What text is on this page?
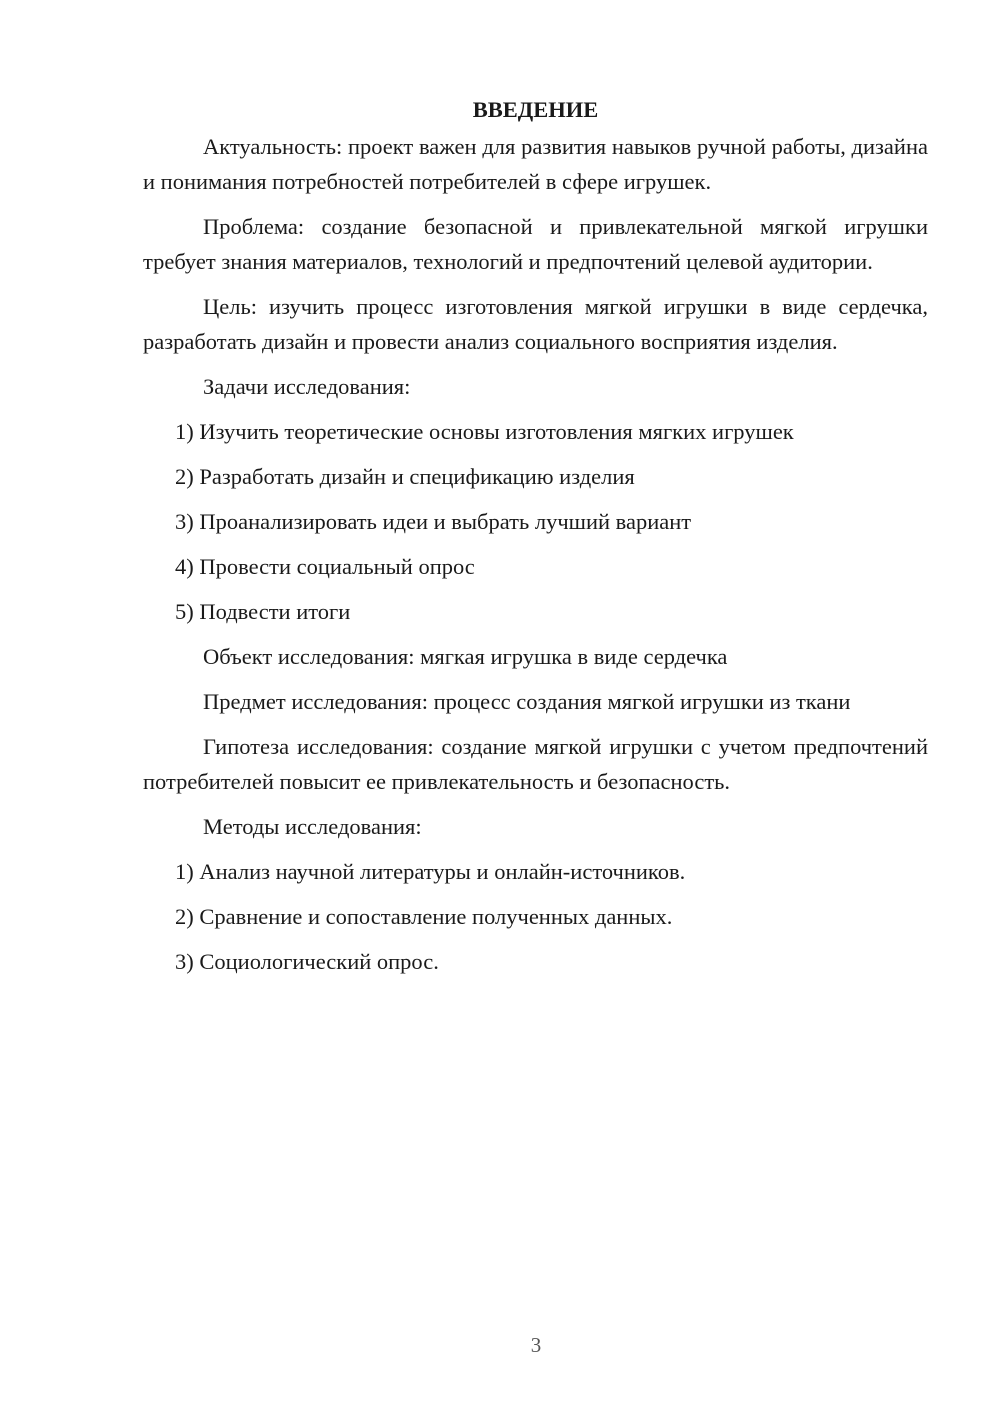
ВВЕДЕНИЕ

Актуальность: проект важен для развития навыков ручной работы, дизайна и понимания потребностей потребителей в сфере игрушек.

Проблема: создание безопасной и привлекательной мягкой игрушки требует знания материалов, технологий и предпочтений целевой аудитории.

Цель: изучить процесс изготовления мягкой игрушки в виде сердечка, разработать дизайн и провести анализ социального восприятия изделия.

Задачи исследования:
1) Изучить теоретические основы изготовления мягких игрушек
2) Разработать дизайн и спецификацию изделия
3) Проанализировать идеи и выбрать лучший вариант
4) Провести социальный опрос
5) Подвести итоги
Объект исследования: мягкая игрушка в виде сердечка
Предмет исследования: процесс создания мягкой игрушки из ткани

Гипотеза исследования: создание мягкой игрушки с учетом предпочтений потребителей повысит ее привлекательность и безопасность.

Методы исследования:
1) Анализ научной литературы и онлайн-источников.
2) Сравнение и сопоставление полученных данных.
3) Социологический опрос.
3
